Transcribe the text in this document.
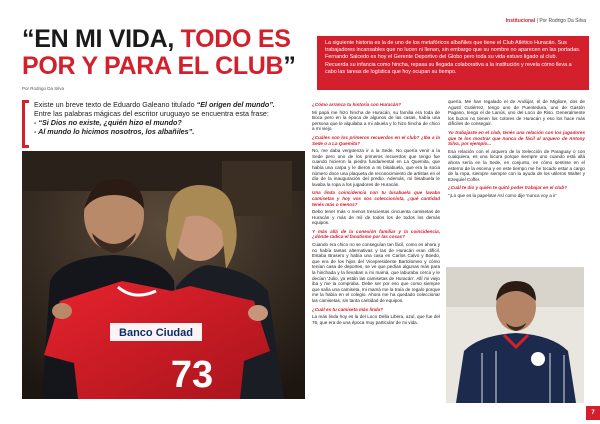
Institucional | Por Rodrigo Da Silva
“EN MI VIDA, TODO ES
POR Y PARA EL CLUB”
Por Rodrigo Da Silva

La siguiente historia es la de uno de los metafóricos albañiles que tiene el Club Atlético Huracán. Sus trabajadores incansables que no lucen ni llenan, sin embargo que su nombre no aparecen en las portadas. Fernando Salcedo es hoy el Gerente Deportivo del Globo pero toda su vida estuvo ligado al club. Recuerda su infancia como hincha, repasa su llegada colaborativa a la institución y revela cómo lleva a cabo las tareas de logística que hoy ocupan su tiempo.

Existe un breve texto de Eduardo Galeano titulado “El origen del mundo”.

Entre las palabras mágicas del escritor uruguayo se encuentra esta frase:

- “Si Dios no existe, ¿quién hizo el mundo?

- Al mundo lo hicimos nosotros, los albañiles”.

Banco Ciudad
73

¿Cómo arranca tu historia con Huracán?

Mi papá me hizo hincha de Huracán, su familia era toda de Boca pero en la época de algunos de las casas, había una persona que le alquilaba a mi abuela y lo hizo hincha de chico a mi viejo.

¿Cuáles son los primeros recuerdos en el club? ¿Iba a la Sede o a La Quemita?

No, me daba vergüenza ir a la Sede. No quería venir a la Sede pero uno de los primeros recuerdos que tengo fue cuando hicieron la piedra fundamental en La Quemita, que había una carpa y le dieron a mi bisabuela, que era la socia número doce una plaqueta de reconocimiento de artistas en el día de la inauguración del predio. Además, mi bisabuela le lavaba la ropa a los jugadores de Huracán.

Una linda coincidencia con tu bisabuela que lavaba camisetas y hoy vos sos coleccionista, ¿qué cantidad tenés más o menos?

Debo tener más o menos trescientas cincuenta camisetas de Huracán y más de mil de todos los de todos los demás equipos.

Y más allá de la conexión familiar y la coincidencia, ¿dónde radica el fanatismo por las cosas?

Cuando era chico no se conseguían tan fácil, como es ahora y no había tantas alternativas y las de Huracán eran difícil. Estaba Brasero y había una casa en Carlos Calvo y Boedo, que era de los hijos del Vicepresidente Bartolomeo y cómo tenían casa de deportes, se ve que pedían algunas más para la hinchada y la llevaban a mi mamá, que laburaba cerca y le decían 'Julio, ya están las camisetas de Huracán'. Allí mi viejo iba y me la compraba. Debe ser por eso que como siempre que salía una camiseta, mi mamá me la traía de regalo porque me la había en el colegio. Ahora me ha quedado coleccionar las camisetas, sin tanta cantidad de equipos.

¿Cuál es tu camiseta más linda?

La más linda hoy es la del Loco Della Libera, azul, que fue del 76, que era de una época muy particular de mi vida.

quería. Me han regalado el de Andújar, el de Migliore, dos de Agustí Gutiérrez, tengo uno de Puentedura, uno de Gastón Pagano, tengo el de Lanús, uno del Loco de Riso. Generalmente los buzos no tienen los colores de Huracán y eso los hace más difíciles de conseguir.

Yo trabajaste en el club, tenés una relación con los jugadores que te los mostrar que nunca de fácil al arquero de Antony Silva, por ejemplo...

Esa relación con el arquero de la Selección de Paraguay o con cualquiera, es una locura porque siempre uno cuando está allá ahora sería en la Sede, en conjunto, en cómo sentirse en el esterno de la escena y en este tiempo me he tocado estar a cargo de la ropa, siempre siempre con la ayuda de los utileros Walter y Ezequiel Coffer.

¿Cuál te dio y quién te quitó poder trabajar en el club?

“¡Lo que es la papelota! Así como dije 'nunca voy a ir'

7
